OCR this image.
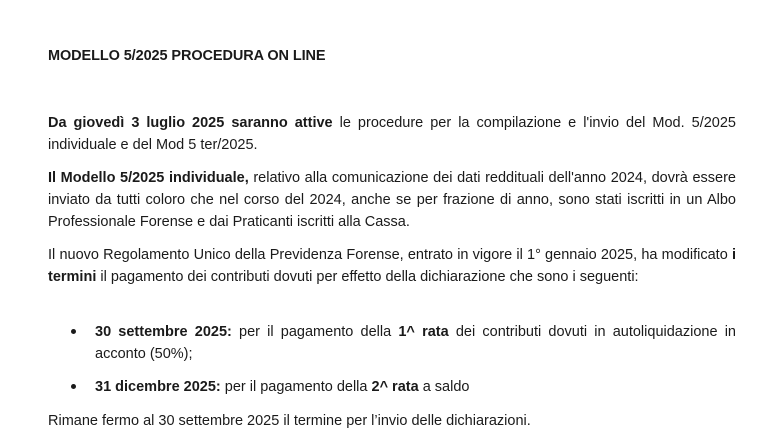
MODELLO 5/2025 PROCEDURA ON LINE

Da giovedì 3 luglio 2025 saranno attive le procedure per la compilazione e l'invio del Mod. 5/2025 individuale e del Mod 5 ter/2025.

Il Modello 5/2025 individuale, relativo alla comunicazione dei dati reddituali dell'anno 2024, dovrà essere inviato da tutti coloro che nel corso del 2024, anche se per frazione di anno, sono stati iscritti in un Albo Professionale Forense e dai Praticanti iscritti alla Cassa.

Il nuovo Regolamento Unico della Previdenza Forense, entrato in vigore il 1° gennaio 2025, ha modificato i termini il pagamento dei contributi dovuti per effetto della dichiarazione che sono i seguenti:

30 settembre 2025: per il pagamento della 1^ rata dei contributi dovuti in autoliquidazione in acconto (50%);
31 dicembre 2025: per il pagamento della 2^ rata a saldo

Rimane fermo al 30 settembre 2025 il termine per l’invio delle dichiarazioni.
